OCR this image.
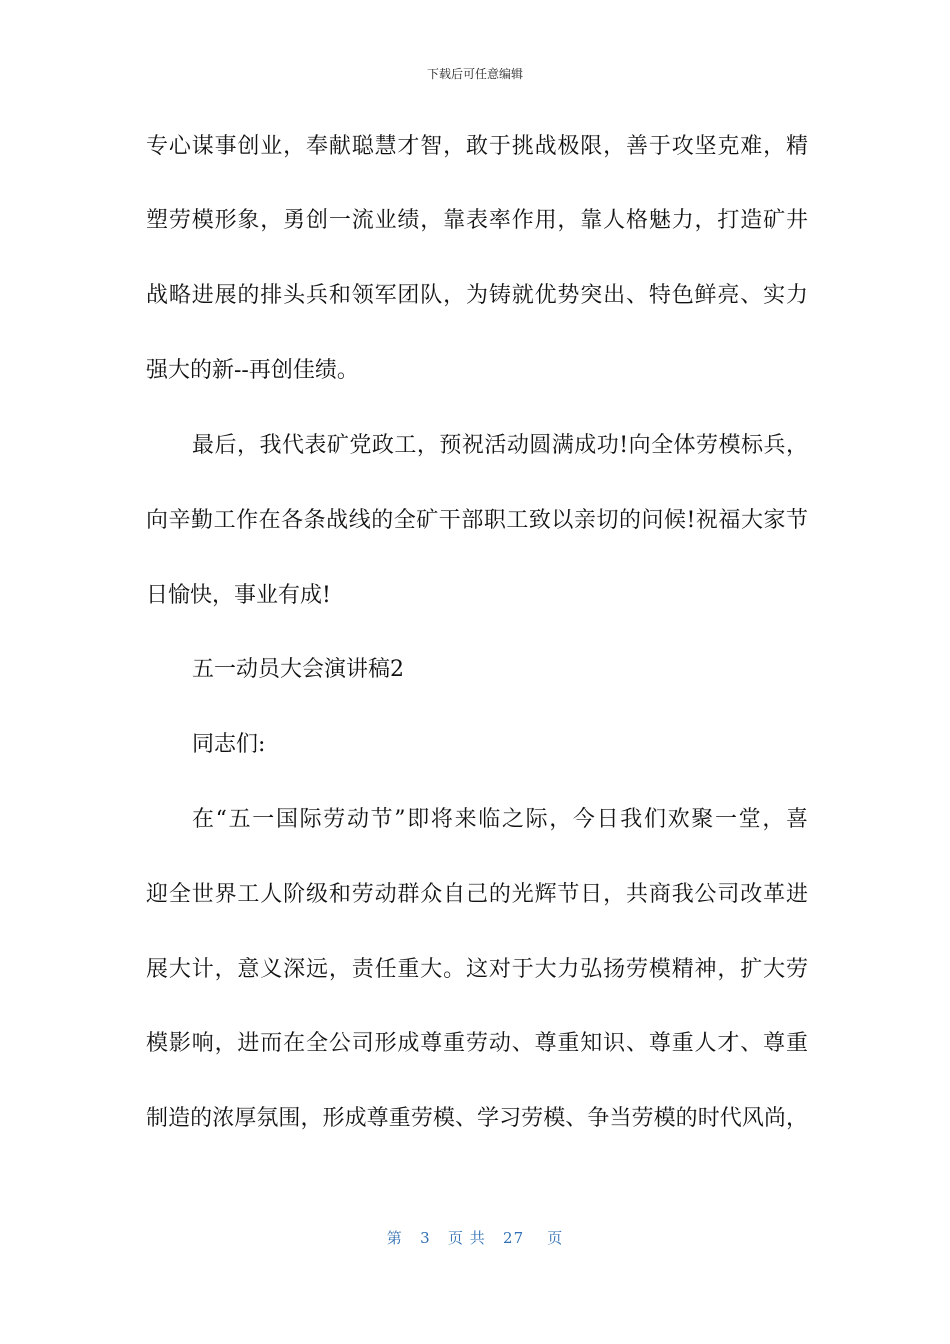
下载后可任意编辑
专心谋事创业，奉献聪慧才智，敢于挑战极限，善于攻坚克难，精
塑劳模形象，勇创一流业绩，靠表率作用，靠人格魅力，打造矿井
战略进展的排头兵和领军团队，为铸就优势突出、特色鲜亮、实力
强大的新--再创佳绩。
最后，我代表矿党政工，预祝活动圆满成功!向全体劳模标兵，
向辛勤工作在各条战线的全矿干部职工致以亲切的问候!祝福大家节
日愉快，事业有成!
五一动员大会演讲稿2
同志们:
在“五一国际劳动节”即将来临之际，今日我们欢聚一堂，喜
迎全世界工人阶级和劳动群众自己的光辉节日，共商我公司改革进
展大计，意义深远，责任重大。这对于大力弘扬劳模精神，扩大劳
模影响，进而在全公司形成尊重劳动、尊重知识、尊重人才、尊重
制造的浓厚氛围，形成尊重劳模、学习劳模、争当劳模的时代风尚，
第 3 页 共 27 页
